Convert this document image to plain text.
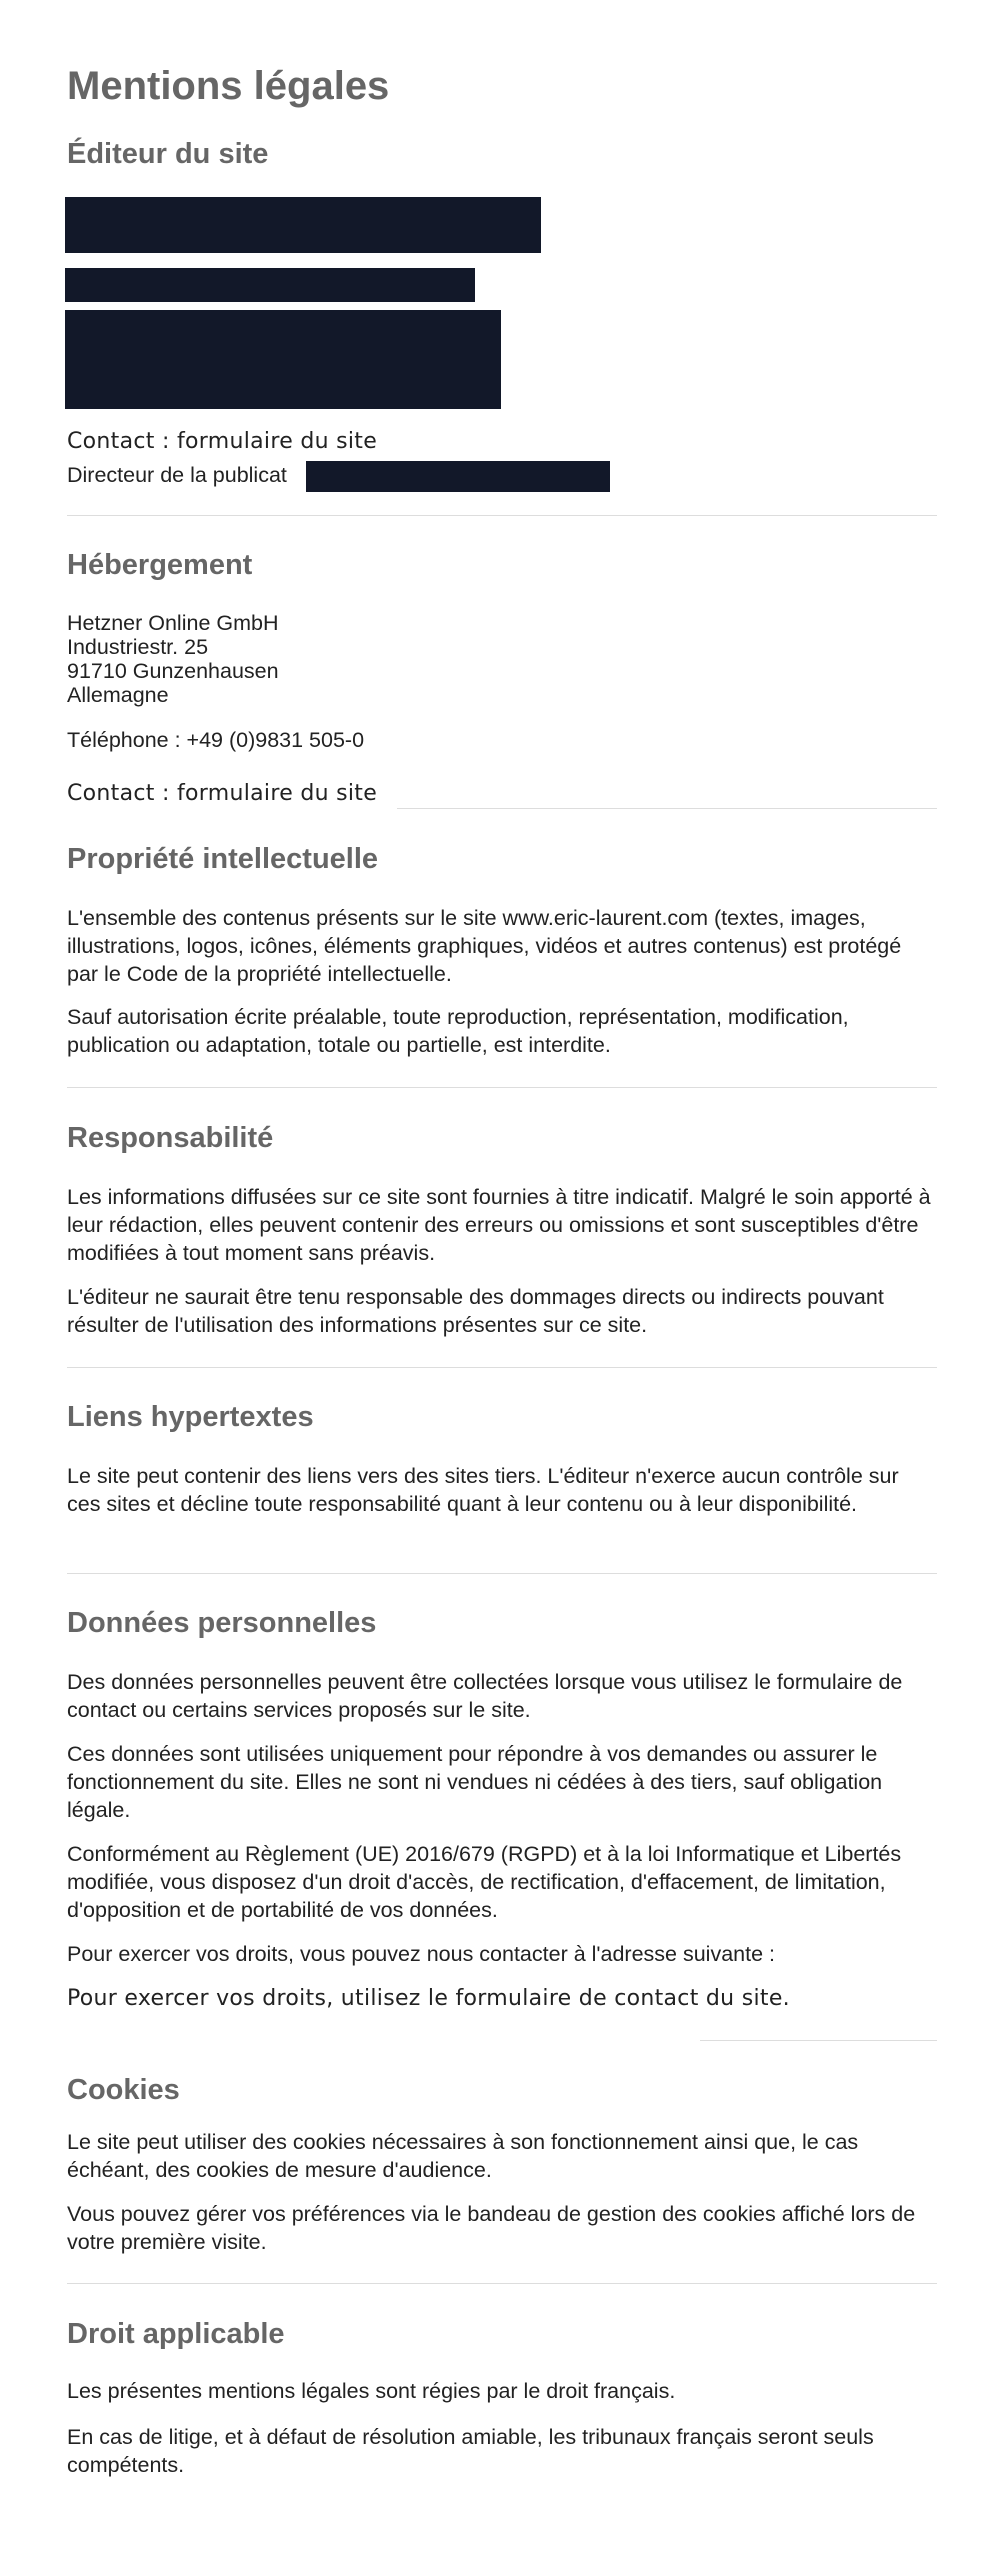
Mentions légales
Éditeur du site

Contact : formulaire du site

Directeur de la publicat

Hébergement

Hetzner Online GmbH

Industriestr. 25

91710 Gunzenhausen

Allemagne

Téléphone : +49 (0)9831 505-0

Contact : formulaire du site

Propriété intellectuelle

L'ensemble des contenus présents sur le site www.eric-laurent.com (textes, images, illustrations, logos, icônes, éléments graphiques, vidéos et autres contenus) est protégé par le Code de la propriété intellectuelle.

Sauf autorisation écrite préalable, toute reproduction, représentation, modification, publication ou adaptation, totale ou partielle, est interdite.

Responsabilité

Les informations diffusées sur ce site sont fournies à titre indicatif. Malgré le soin apporté à leur rédaction, elles peuvent contenir des erreurs ou omissions et sont susceptibles d'être modifiées à tout moment sans préavis.

L'éditeur ne saurait être tenu responsable des dommages directs ou indirects pouvant résulter de l'utilisation des informations présentes sur ce site.

Liens hypertextes

Le site peut contenir des liens vers des sites tiers. L'éditeur n'exerce aucun contrôle sur ces sites et décline toute responsabilité quant à leur contenu ou à leur disponibilité.

Données personnelles

Des données personnelles peuvent être collectées lorsque vous utilisez le formulaire de contact ou certains services proposés sur le site.

Ces données sont utilisées uniquement pour répondre à vos demandes ou assurer le fonctionnement du site. Elles ne sont ni vendues ni cédées à des tiers, sauf obligation légale.

Conformément au Règlement (UE) 2016/679 (RGPD) et à la loi Informatique et Libertés modifiée, vous disposez d'un droit d'accès, de rectification, d'effacement, de limitation, d'opposition et de portabilité de vos données.

Pour exercer vos droits, vous pouvez nous contacter à l'adresse suivante :

Pour exercer vos droits, utilisez le formulaire de contact du site.

Cookies

Le site peut utiliser des cookies nécessaires à son fonctionnement ainsi que, le cas échéant, des cookies de mesure d'audience.

Vous pouvez gérer vos préférences via le bandeau de gestion des cookies affiché lors de votre première visite.

Droit applicable

Les présentes mentions légales sont régies par le droit français.

En cas de litige, et à défaut de résolution amiable, les tribunaux français seront seuls compétents.
